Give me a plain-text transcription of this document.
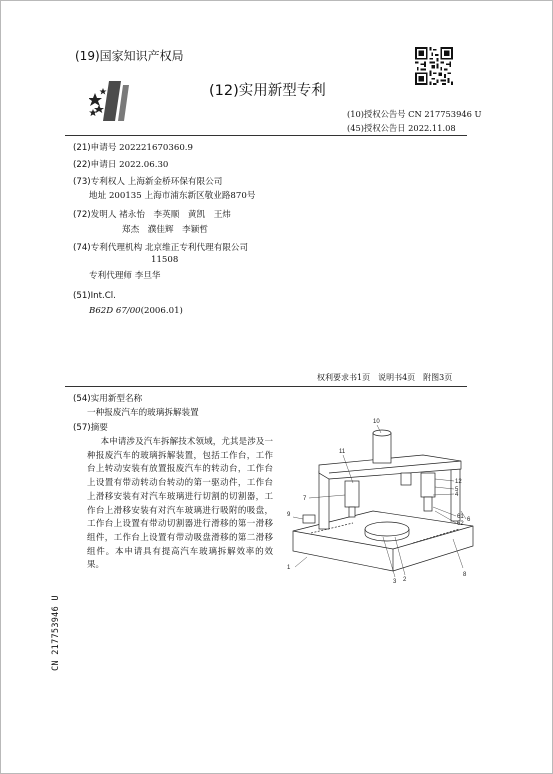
(19)国家知识产权局
(12)实用新型专利
(10)授权公告号 CN 217753946 U
(45)授权公告日 2022.11.08
(21)申请号 202221670360.9
(22)申请日 2022.06.30
(73)专利权人 上海新金桥环保有限公司
地址 200135 上海市浦东新区敬业路870号
(72)发明人 褚永怡　李英顺　黄凯　王炜
郑杰　濮佳辉　李颖哲
(74)专利代理机构 北京维正专利代理有限公司
11508
专利代理师 李旦华
(51)Int.Cl.
B62D 67/00(2006.01)
权利要求书1页　说明书4页　附图3页
(54)实用新型名称
一种报废汽车的玻璃拆解装置
(57)摘要
本申请涉及汽车拆解技术领域，尤其是涉及一种报废汽车的玻璃拆解装置，包括工作台，工作台上转动安装有放置报废汽车的转动台，工作台上设置有带动转动台转动的第一驱动件，工作台上滑移安装有对汽车玻璃进行切割的切割器，工作台上滑移安装有对汽车玻璃进行吸附的吸盘，工作台上设置有带动切割器进行滑移的第一滑移组件，工作台上设置有带动吸盘滑移的第二滑移组件。本申请具有提高汽车玻璃拆解效率的效果。
10
11
7
9
12
5
4
61
62
6
1
3 2
8
CN 217753946 U
